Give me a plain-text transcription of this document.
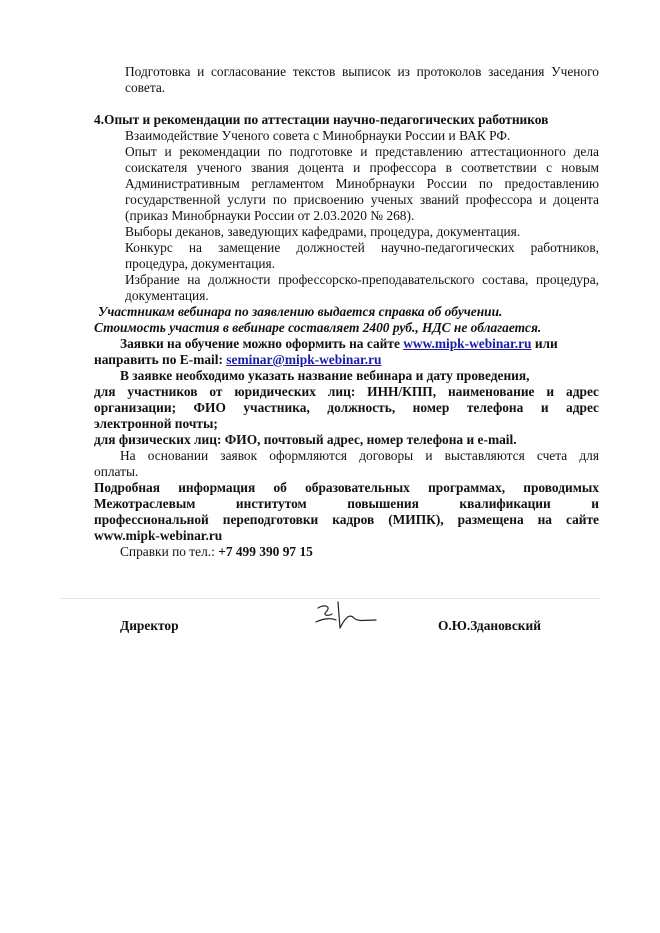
Подготовка и согласование текстов выписок из протоколов заседания Ученого
совета.
4.Опыт и рекомендации по аттестации научно-педагогических работников
Взаимодействие Ученого совета с Минобрнауки России и ВАК РФ.
Опыт и рекомендации по подготовке и представлению аттестационного дела
соискателя ученого звания доцента и профессора в соответствии с новым
Административным регламентом Минобрнауки России по предоставлению
государственной услуги по присвоению ученых званий профессора и доцента
(приказ Минобрнауки России от 2.03.2020 № 268).
Выборы деканов, заведующих кафедрами, процедура, документация.
Конкурс на замещение должностей научно-педагогических работников,
процедура, документация.
Избрание на должности профессорско-преподавательского состава, процедура,
документация.
Участникам вебинара по заявлению выдается справка об обучении.
Стоимость участия в вебинаре составляет 2400 руб., НДС не облагается.
Заявки на обучение можно оформить на сайте www.mipk-webinar.ru или
направить по E-mail: seminar@mipk-webinar.ru
В заявке необходимо указать название вебинара и дату проведения,
для участников от юридических лиц: ИНН/КПП, наименование и адрес
организации; ФИО участника, должность, номер телефона и адрес
электронной почты;
для физических лиц: ФИО, почтовый адрес, номер телефона и e-mail.
На основании заявок оформляются договоры и выставляются счета для
оплаты.
Подробная информация об образовательных программах, проводимых
Межотраслевым институтом повышения квалификации и
профессиональной переподготовки кадров (МИПК), размещена на сайте
www.mipk-webinar.ru
Справки по тел.: +7 499 390 97 15
Директор	О.Ю.Здановский
